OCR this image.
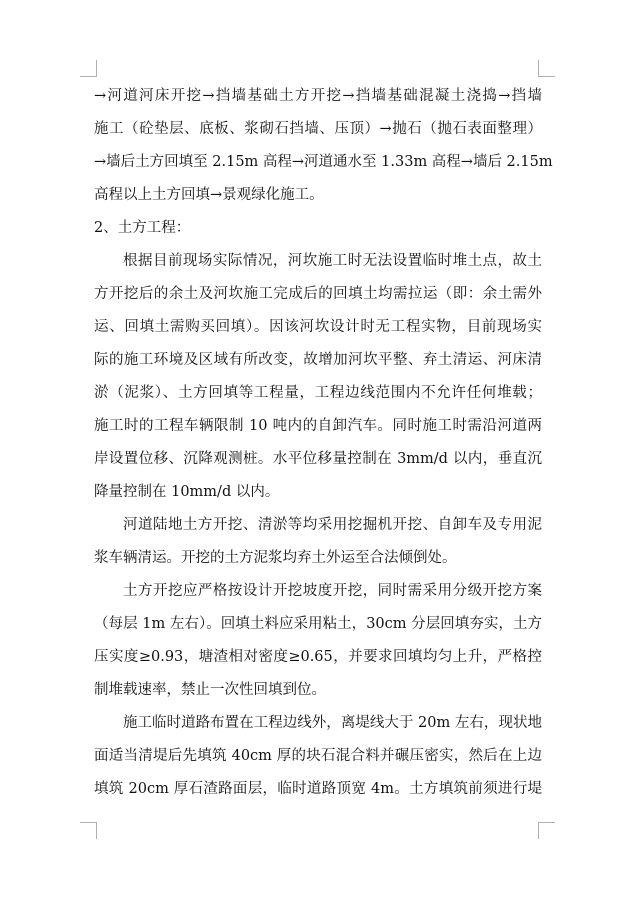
→河道河床开挖→挡墙基础土方开挖→挡墙基础混凝土浇捣→挡墙
施工（砼垫层、底板、浆砌石挡墙、压顶）→抛石（抛石表面整理）
→墙后土方回填至 2.15m 高程→河道通水至 1.33m 高程→墙后 2.15m
高程以上土方回填→景观绿化施工。
2、土方工程：
根据目前现场实际情况，河坎施工时无法设置临时堆土点，故土
方开挖后的余土及河坎施工完成后的回填土均需拉运（即：余土需外
运、回填土需购买回填）。因该河坎设计时无工程实物，目前现场实
际的施工环境及区域有所改变，故增加河坎平整、弃土清运、河床清
淤（泥浆）、土方回填等工程量，工程边线范围内不允许任何堆载；
施工时的工程车辆限制 10 吨内的自卸汽车。同时施工时需沿河道两
岸设置位移、沉降观测桩。水平位移量控制在 3mm/d 以内，垂直沉
降量控制在 10mm/d 以内。
河道陆地土方开挖、清淤等均采用挖掘机开挖、自卸车及专用泥
浆车辆清运。开挖的土方泥浆均弃土外运至合法倾倒处。
土方开挖应严格按设计开挖坡度开挖，同时需采用分级开挖方案
（每层 1m 左右）。回填土料应采用粘土，30cm 分层回填夯实，土方
压实度≥0.93，塘渣相对密度≥0.65，并要求回填均匀上升，严格控
制堆载速率，禁止一次性回填到位。
施工临时道路布置在工程边线外，离堤线大于 20m 左右，现状地
面适当清堤后先填筑 40cm 厚的块石混合料并碾压密实，然后在上边
填筑 20cm 厚石渣路面层，临时道路顶宽 4m。土方填筑前须进行堤
